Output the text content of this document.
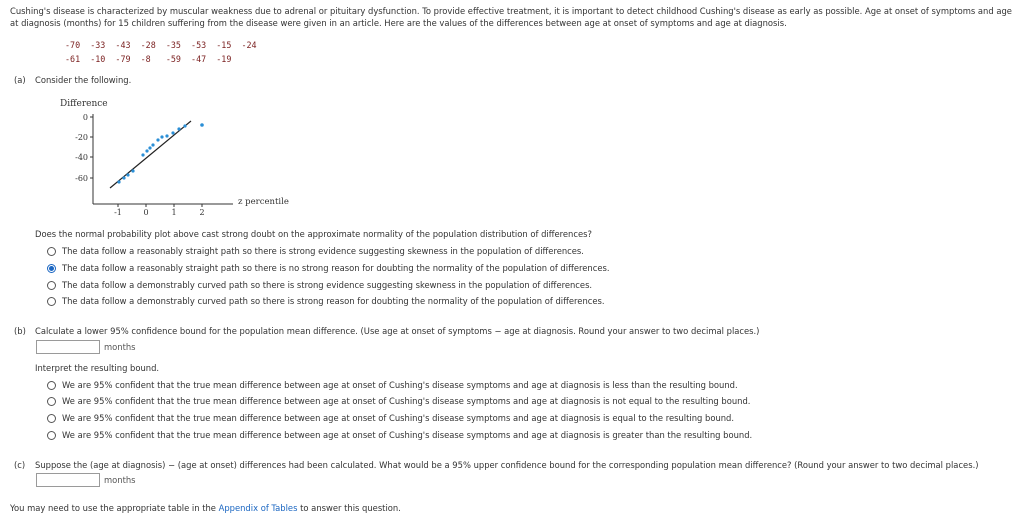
Cushing's disease is characterized by muscular weakness due to adrenal or pituitary dysfunction. To provide effective treatment, it is important to detect childhood Cushing's disease as early as possible. Age at onset of symptoms and age at diagnosis (months) for 15 children suffering from the disease were given in an article. Here are the values of the differences between age at onset of symptoms and age at diagnosis.
-70  -33  -43  -28  -35  -53  -15  -24
-61  -10  -79  -8   -59  -47  -19
(a) Consider the following.
Difference
0
-20
-40
-60
-1	0	1	2
z percentile
Does the normal probability plot above cast strong doubt on the approximate normality of the population distribution of differences?
The data follow a reasonably straight path so there is strong evidence suggesting skewness in the population of differences.
The data follow a reasonably straight path so there is no strong reason for doubting the normality of the population of differences.
The data follow a demonstrably curved path so there is strong evidence suggesting skewness in the population of differences.
The data follow a demonstrably curved path so there is strong reason for doubting the normality of the population of differences.
(b) Calculate a lower 95% confidence bound for the population mean difference. (Use age at onset of symptoms − age at diagnosis. Round your answer to two decimal places.)
months
Interpret the resulting bound.
We are 95% confident that the true mean difference between age at onset of Cushing's disease symptoms and age at diagnosis is less than the resulting bound.
We are 95% confident that the true mean difference between age at onset of Cushing's disease symptoms and age at diagnosis is not equal to the resulting bound.
We are 95% confident that the true mean difference between age at onset of Cushing's disease symptoms and age at diagnosis is equal to the resulting bound.
We are 95% confident that the true mean difference between age at onset of Cushing's disease symptoms and age at diagnosis is greater than the resulting bound.
(c) Suppose the (age at diagnosis) − (age at onset) differences had been calculated. What would be a 95% upper confidence bound for the corresponding population mean difference? (Round your answer to two decimal places.)
months
You may need to use the appropriate table in the Appendix of Tables to answer this question.
